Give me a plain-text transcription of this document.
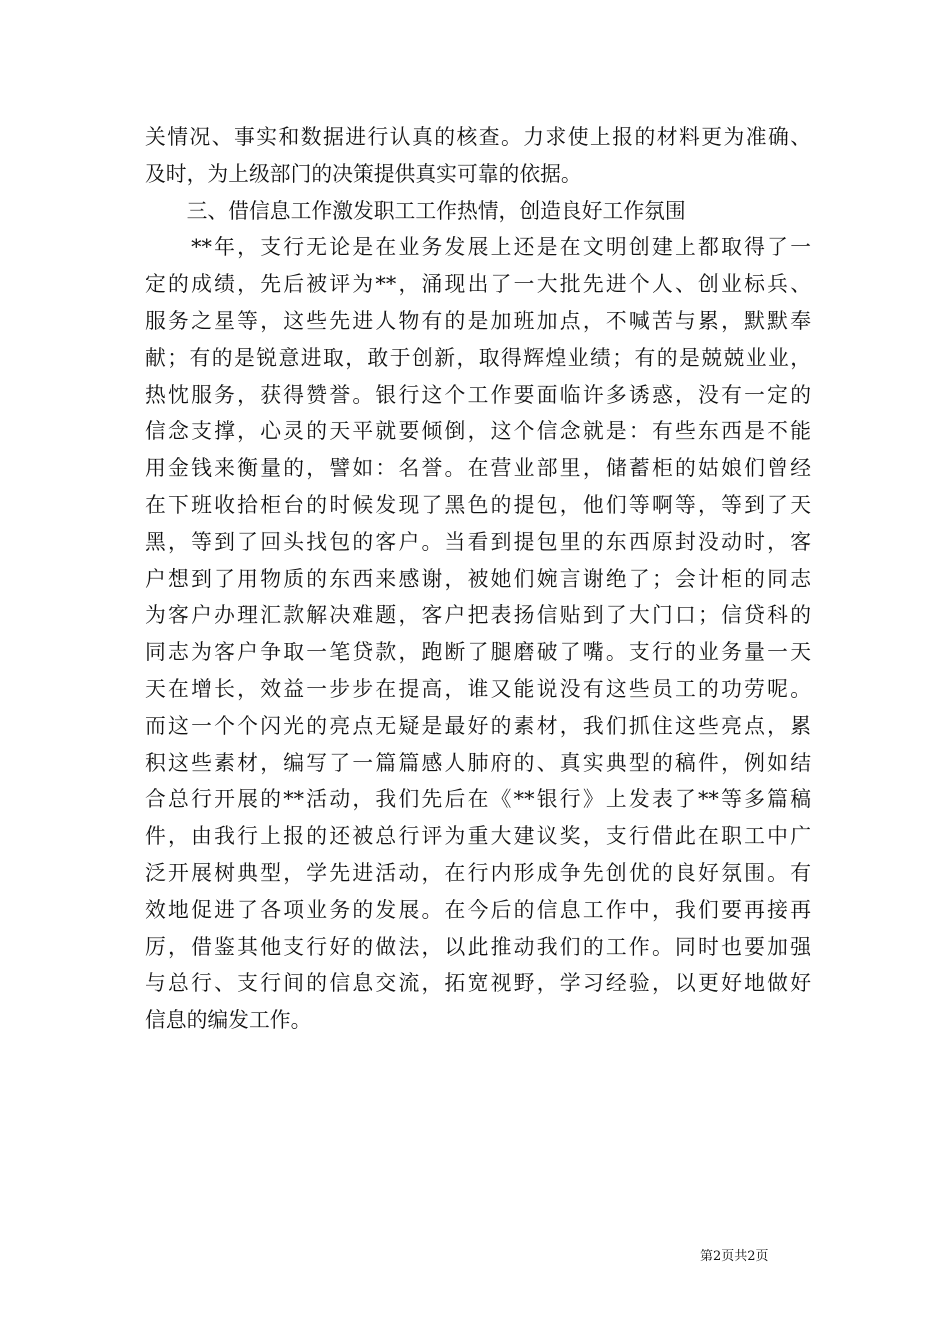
关情况、事实和数据进行认真的核查。力求使上报的材料更为准确、
及时，为上级部门的决策提供真实可靠的依据。
　　三、借信息工作激发职工工作热情，创造良好工作氛围
　　**年，支行无论是在业务发展上还是在文明创建上都取得了一
定的成绩，先后被评为**，涌现出了一大批先进个人、创业标兵、
服务之星等，这些先进人物有的是加班加点，不喊苦与累，默默奉
献；有的是锐意进取，敢于创新，取得辉煌业绩；有的是兢兢业业，
热忱服务，获得赞誉。银行这个工作要面临许多诱惑，没有一定的
信念支撑，心灵的天平就要倾倒，这个信念就是：有些东西是不能
用金钱来衡量的，譬如：名誉。在营业部里，储蓄柜的姑娘们曾经
在下班收拾柜台的时候发现了黑色的提包，他们等啊等，等到了天
黑，等到了回头找包的客户。当看到提包里的东西原封没动时，客
户想到了用物质的东西来感谢，被她们婉言谢绝了；会计柜的同志
为客户办理汇款解决难题，客户把表扬信贴到了大门口；信贷科的
同志为客户争取一笔贷款，跑断了腿磨破了嘴。支行的业务量一天
天在增长，效益一步步在提高，谁又能说没有这些员工的功劳呢。
而这一个个闪光的亮点无疑是最好的素材，我们抓住这些亮点，累
积这些素材，编写了一篇篇感人肺府的、真实典型的稿件，例如结
合总行开展的**活动，我们先后在《**银行》上发表了**等多篇稿
件，由我行上报的还被总行评为重大建议奖，支行借此在职工中广
泛开展树典型，学先进活动，在行内形成争先创优的良好氛围。有
效地促进了各项业务的发展。在今后的信息工作中，我们要再接再
厉，借鉴其他支行好的做法，以此推动我们的工作。同时也要加强
与总行、支行间的信息交流，拓宽视野，学习经验，以更好地做好
信息的编发工作。
第2页共2页
